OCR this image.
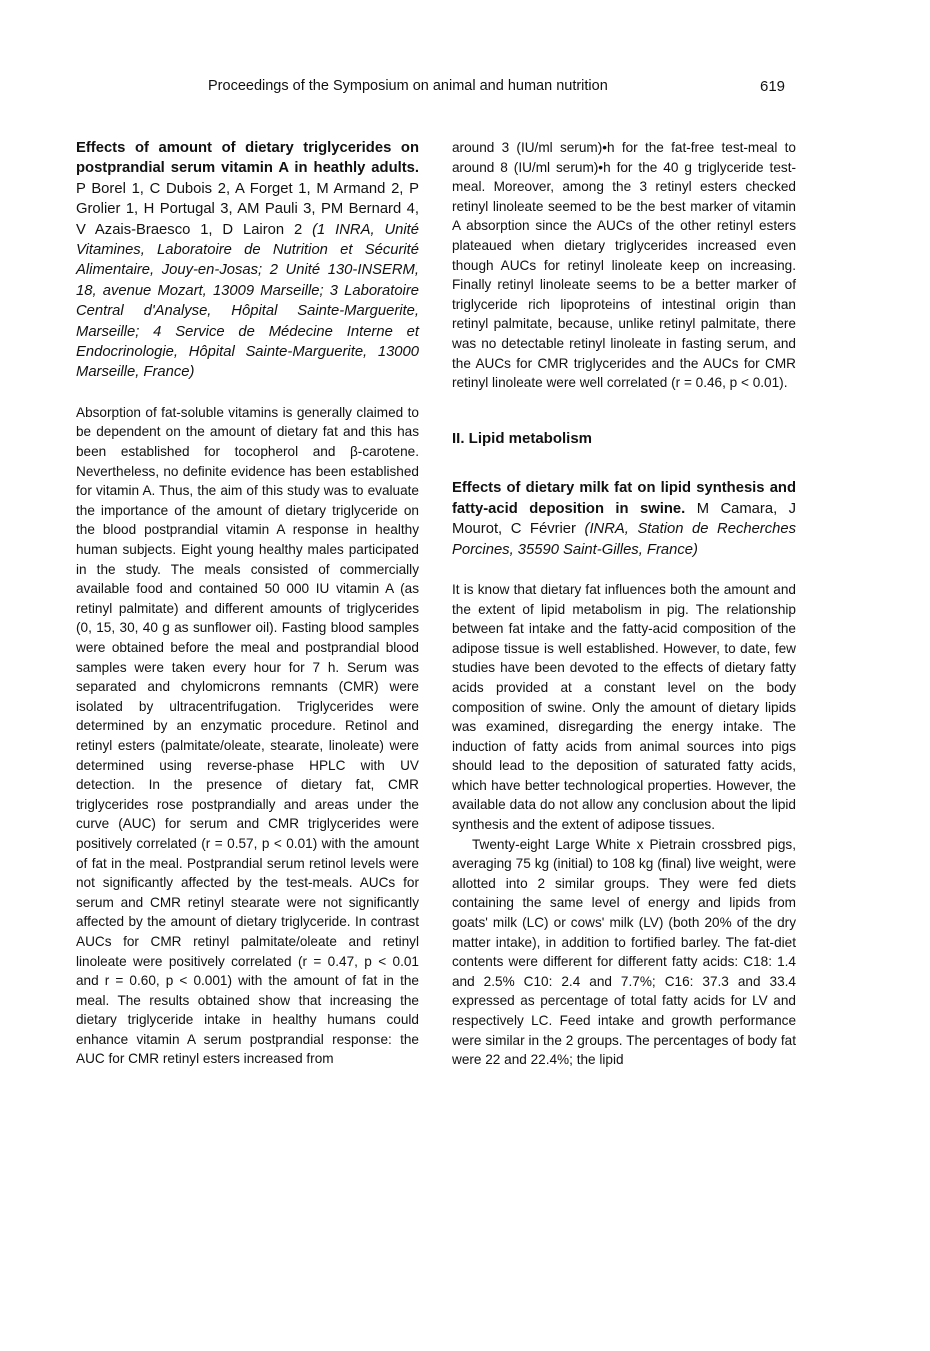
Proceedings of the Symposium on animal and human nutrition	619
Effects of amount of dietary triglycerides on postprandial serum vitamin A in heathly adults. P Borel 1, C Dubois 2, A Forget 1, M Armand 2, P Grolier 1, H Portugal 3, AM Pauli 3, PM Bernard 4, V Azais-Braesco 1, D Lairon 2 (1 INRA, Unité Vitamines, Laboratoire de Nutrition et Sécurité Alimentaire, Jouy-en-Josas; 2 Unité 130-INSERM, 18, avenue Mozart, 13009 Marseille; 3 Laboratoire Central d'Analyse, Hôpital Sainte-Marguerite, Marseille; 4 Service de Médecine Interne et Endocrinologie, Hôpital Sainte-Marguerite, 13000 Marseille, France)

Absorption of fat-soluble vitamins is generally claimed to be dependent on the amount of dietary fat and this has been established for tocopherol and β-carotene. Nevertheless, no definite evidence has been established for vitamin A. Thus, the aim of this study was to evaluate the importance of the amount of dietary triglyceride on the blood postprandial vitamin A response in healthy human subjects. Eight young healthy males participated in the study. The meals consisted of commercially available food and contained 50 000 IU vitamin A (as retinyl palmitate) and different amounts of triglycerides (0, 15, 30, 40 g as sunflower oil). Fasting blood samples were obtained before the meal and postprandial blood samples were taken every hour for 7 h. Serum was separated and chylomicrons remnants (CMR) were isolated by ultracentrifugation. Triglycerides were determined by an enzymatic procedure. Retinol and retinyl esters (palmitate/oleate, stearate, linoleate) were determined using reverse-phase HPLC with UV detection. In the presence of dietary fat, CMR triglycerides rose postprandially and areas under the curve (AUC) for serum and CMR triglycerides were positively correlated (r = 0.57, p < 0.01) with the amount of fat in the meal. Postprandial serum retinol levels were not significantly affected by the test-meals. AUCs for serum and CMR retinyl stearate were not significantly affected by the amount of dietary triglyceride. In contrast AUCs for CMR retinyl palmitate/oleate and retinyl linoleate were positively correlated (r = 0.47, p < 0.01 and r = 0.60, p < 0.001) with the amount of fat in the meal. The results obtained show that increasing the dietary triglyceride intake in healthy humans could enhance vitamin A serum postprandial response: the AUC for CMR retinyl esters increased from

around 3 (IU/ml serum)•h for the fat-free test-meal to around 8 (IU/ml serum)•h for the 40 g triglyceride test-meal. Moreover, among the 3 retinyl esters checked retinyl linoleate seemed to be the best marker of vitamin A absorption since the AUCs of the other retinyl esters plateaued when dietary triglycerides increased even though AUCs for retinyl linoleate keep on increasing. Finally retinyl linoleate seems to be a better marker of triglyceride rich lipoproteins of intestinal origin than retinyl palmitate, because, unlike retinyl palmitate, there was no detectable retinyl linoleate in fasting serum, and the AUCs for CMR triglycerides and the AUCs for CMR retinyl linoleate were well correlated (r = 0.46, p < 0.01).

II. Lipid metabolism
Effects of dietary milk fat on lipid synthesis and fatty-acid deposition in swine. M Camara, J Mourot, C Février (INRA, Station de Recherches Porcines, 35590 Saint-Gilles, France)

It is know that dietary fat influences both the amount and the extent of lipid metabolism in pig. The relationship between fat intake and the fatty-acid composition of the adipose tissue is well established. However, to date, few studies have been devoted to the effects of dietary fatty acids provided at a constant level on the body composition of swine. Only the amount of dietary lipids was examined, disregarding the energy intake. The induction of fatty acids from animal sources into pigs should lead to the deposition of saturated fatty acids, which have better technological properties. However, the available data do not allow any conclusion about the lipid synthesis and the extent of adipose tissues.

Twenty-eight Large White x Pietrain crossbred pigs, averaging 75 kg (initial) to 108 kg (final) live weight, were allotted into 2 similar groups. They were fed diets containing the same level of energy and lipids from goats' milk (LC) or cows' milk (LV) (both 20% of the dry matter intake), in addition to fortified barley. The fat-diet contents were different for different fatty acids: C18: 1.4 and 2.5% C10: 2.4 and 7.7%; C16: 37.3 and 33.4 expressed as percentage of total fatty acids for LV and respectively LC. Feed intake and growth performance were similar in the 2 groups. The percentages of body fat were 22 and 22.4%; the lipid
